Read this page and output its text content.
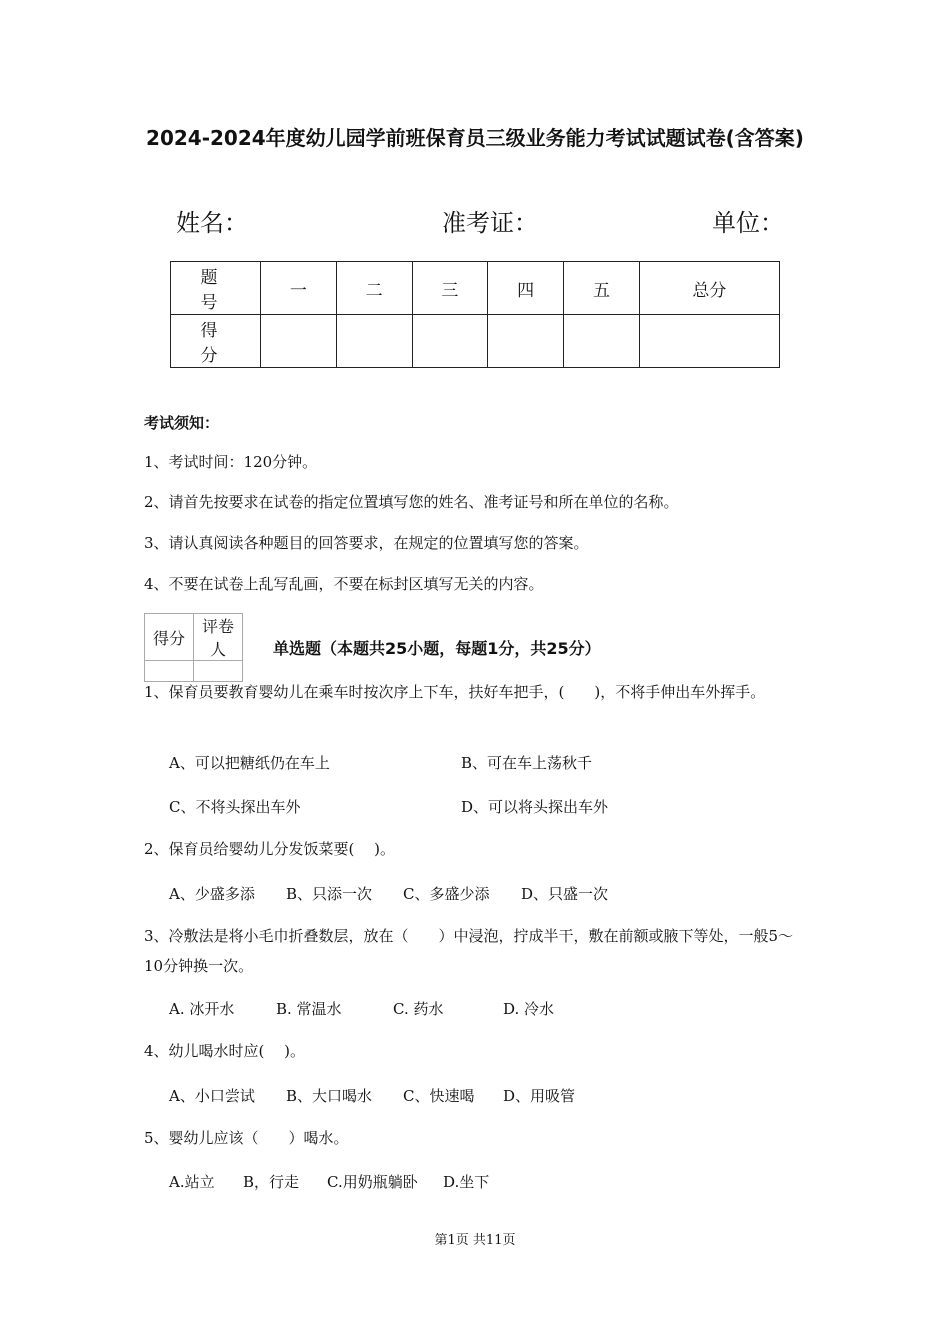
2024-2024年度幼儿园学前班保育员三级业务能力考试试题试卷(含答案)
姓名：	准考证：	单位：
题　号	一	二	三	四	五	总分
得　分						
考试须知：
1、考试时间：120分钟。
2、请首先按要求在试卷的指定位置填写您的姓名、准考证号和所在单位的名称。
3、请认真阅读各种题目的回答要求，在规定的位置填写您的答案。
4、不要在试卷上乱写乱画，不要在标封区填写无关的内容。
得分	评卷人
		单选题（本题共25小题，每题1分，共25分）
1、保育员要教育婴幼儿在乘车时按次序上下车，扶好车把手，(　　)，不将手伸出车外挥手。
A、可以把糖纸仍在车上	B、可在车上荡秋千
C、不将头探出车外	D、可以将头探出车外
2、保育员给婴幼儿分发饭菜要(　 )。
A、少盛多添 B、只添一次 C、多盛少添 D、只盛一次
3、冷敷法是将小毛巾折叠数层，放在（　　）中浸泡，拧成半干，敷在前额或腋下等处，一般5～10分钟换一次。
A. 冰开水	B. 常温水	C. 药水	D. 冷水
4、幼儿喝水时应(　 )。
A、小口尝试 B、大口喝水 C、快速喝 D、用吸管
5、婴幼儿应该（　　）喝水。
A.站立 B，行走 C.用奶瓶躺卧 D.坐下
第1页 共11页
